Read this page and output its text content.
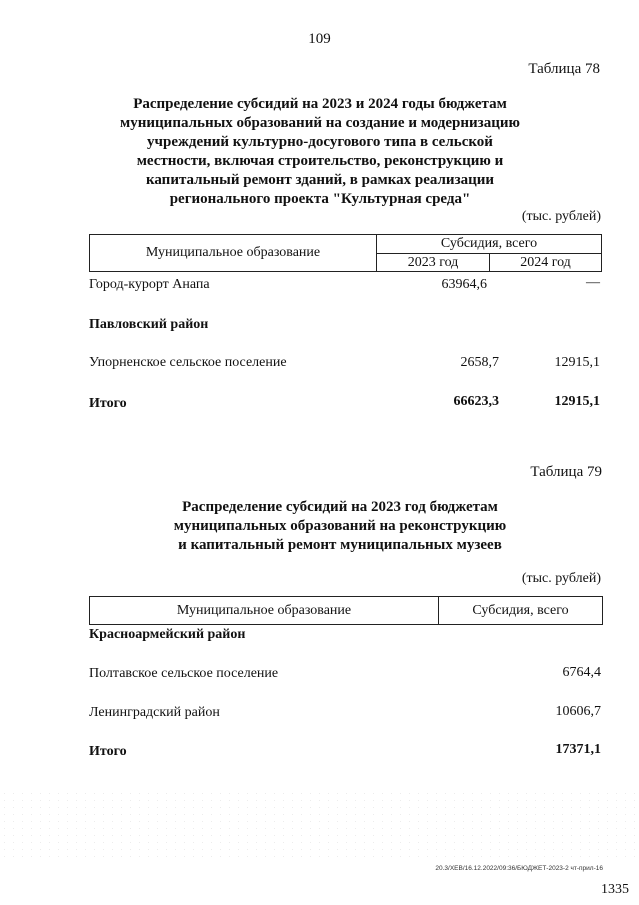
109
Таблица 78
Распределение субсидий на 2023 и 2024 годы бюджетам
муниципальных образований на создание и модернизацию
учреждений культурно-досугового типа в сельской
местности, включая строительство, реконструкцию и
капитальный ремонт зданий, в рамках реализации
регионального проекта "Культурная среда"
(тыс. рублей)
Муниципальное образование	Субсидия, всего	
	2023 год	2024 год
Город-курорт Анапа	63964,6	—
Павловский район
Упорненское сельское поселение	2658,7	12915,1
Итого	66623,3	12915,1
Таблица 79
Распределение субсидий на 2023 год бюджетам
муниципальных образований на реконструкцию
и капитальный ремонт муниципальных музеев
(тыс. рублей)
Муниципальное образование	Субсидия, всего
Красноармейский район
Полтавское сельское поселение	6764,4
Ленинградский район	10606,7
Итого	17371,1
20.3/ХЕВ/16.12.2022/09:36/БЮДЖЕТ-2023-2 чт-прил-16
1335
